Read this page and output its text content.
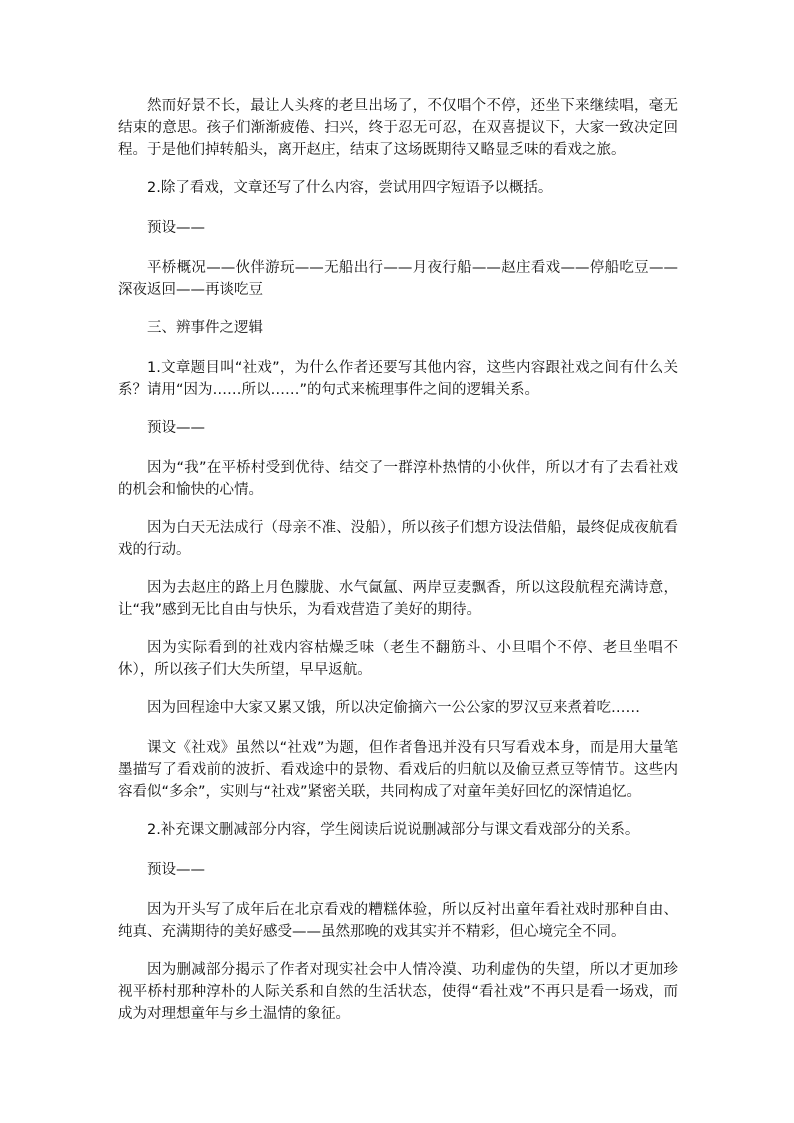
然而好景不长，最让人头疼的老旦出场了，不仅唱个不停，还坐下来继续唱，毫无结束的意思。孩子们渐渐疲倦、扫兴，终于忍无可忍，在双喜提议下，大家一致决定回程。于是他们掉转船头，离开赵庄，结束了这场既期待又略显乏味的看戏之旅。

2.除了看戏，文章还写了什么内容，尝试用四字短语予以概括。

预设——

平桥概况——伙伴游玩——无船出行——月夜行船——赵庄看戏——停船吃豆——深夜返回——再谈吃豆

三、辨事件之逻辑

1.文章题目叫“社戏”，为什么作者还要写其他内容，这些内容跟社戏之间有什么关系？请用“因为……所以……”的句式来梳理事件之间的逻辑关系。

预设——

因为“我”在平桥村受到优待、结交了一群淳朴热情的小伙伴，所以才有了去看社戏的机会和愉快的心情。

因为白天无法成行（母亲不准、没船），所以孩子们想方设法借船，最终促成夜航看戏的行动。

因为去赵庄的路上月色朦胧、水气氤氲、两岸豆麦飘香，所以这段航程充满诗意，让“我”感到无比自由与快乐，为看戏营造了美好的期待。

因为实际看到的社戏内容枯燥乏味（老生不翻筋斗、小旦唱个不停、老旦坐唱不休），所以孩子们大失所望，早早返航。

因为回程途中大家又累又饿，所以决定偷摘六一公公家的罗汉豆来煮着吃……

课文《社戏》虽然以“社戏”为题，但作者鲁迅并没有只写看戏本身，而是用大量笔墨描写了看戏前的波折、看戏途中的景物、看戏后的归航以及偷豆煮豆等情节。这些内容看似“多余”，实则与“社戏”紧密关联，共同构成了对童年美好回忆的深情追忆。

2.补充课文删减部分内容，学生阅读后说说删减部分与课文看戏部分的关系。

预设——

因为开头写了成年后在北京看戏的糟糕体验，所以反衬出童年看社戏时那种自由、纯真、充满期待的美好感受——虽然那晚的戏其实并不精彩，但心境完全不同。

因为删减部分揭示了作者对现实社会中人情冷漠、功利虚伪的失望，所以才更加珍视平桥村那种淳朴的人际关系和自然的生活状态，使得“看社戏”不再只是看一场戏，而成为对理想童年与乡土温情的象征。
